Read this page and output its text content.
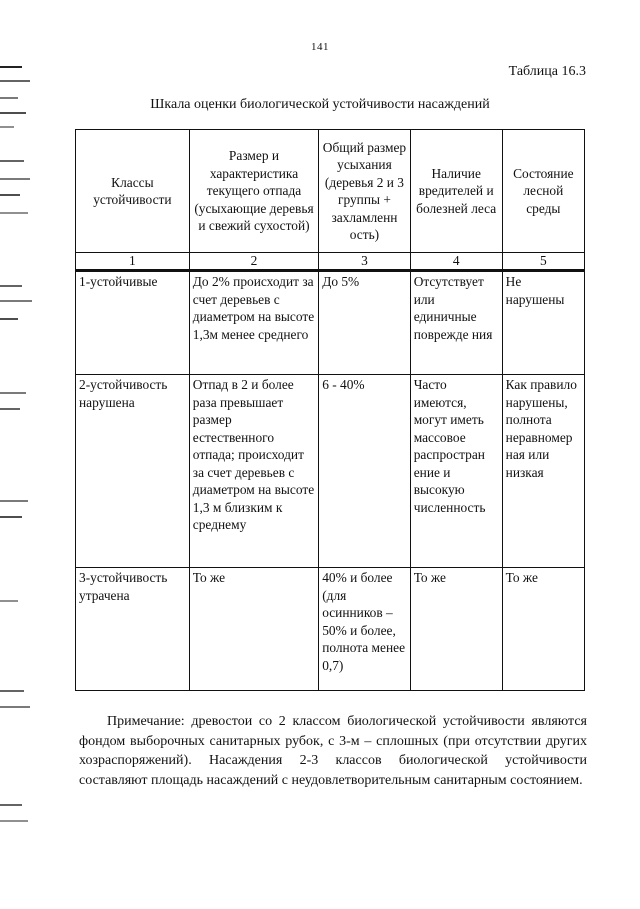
141
Таблица 16.3
Шкала оценки биологической устойчивости насаждений
Классы устойчивости	Размер и характеристика текущего отпада (усыхающие деревья и свежий сухостой)	Общий размер усыхания (деревья 2 и 3 группы + захламленн ость)	Наличие вредителей и болезней леса	Состояние лесной среды
1	2	3	4	5
1-устойчивые	До 2% происходит за счет деревьев с диаметром на высоте 1,3м менее среднего	До 5%	Отсутствует или единичные поврежде ния	Не нарушены
2-устойчивость нарушена	Отпад в 2 и более раза превышает размер естественного отпада; происходит за счет деревьев с диаметром на высоте 1,3 м близким к среднему	6 - 40%	Часто имеются, могут иметь массовое распростран ение и высокую численность	Как правило нарушены, полнота неравномер ная или низкая
3-устойчивость утрачена	То же	40% и более (для осинников – 50% и более, полнота менее 0,7)	То же	То же
Примечание: древостои со 2 классом биологической устойчивости являются фондом выборочных санитарных рубок, с 3-м – сплошных (при отсутствии других хозраспоряжений). Насаждения 2-3 классов биологической устойчивости составляют площадь насаждений с неудовлетворительным санитарным состоянием.
